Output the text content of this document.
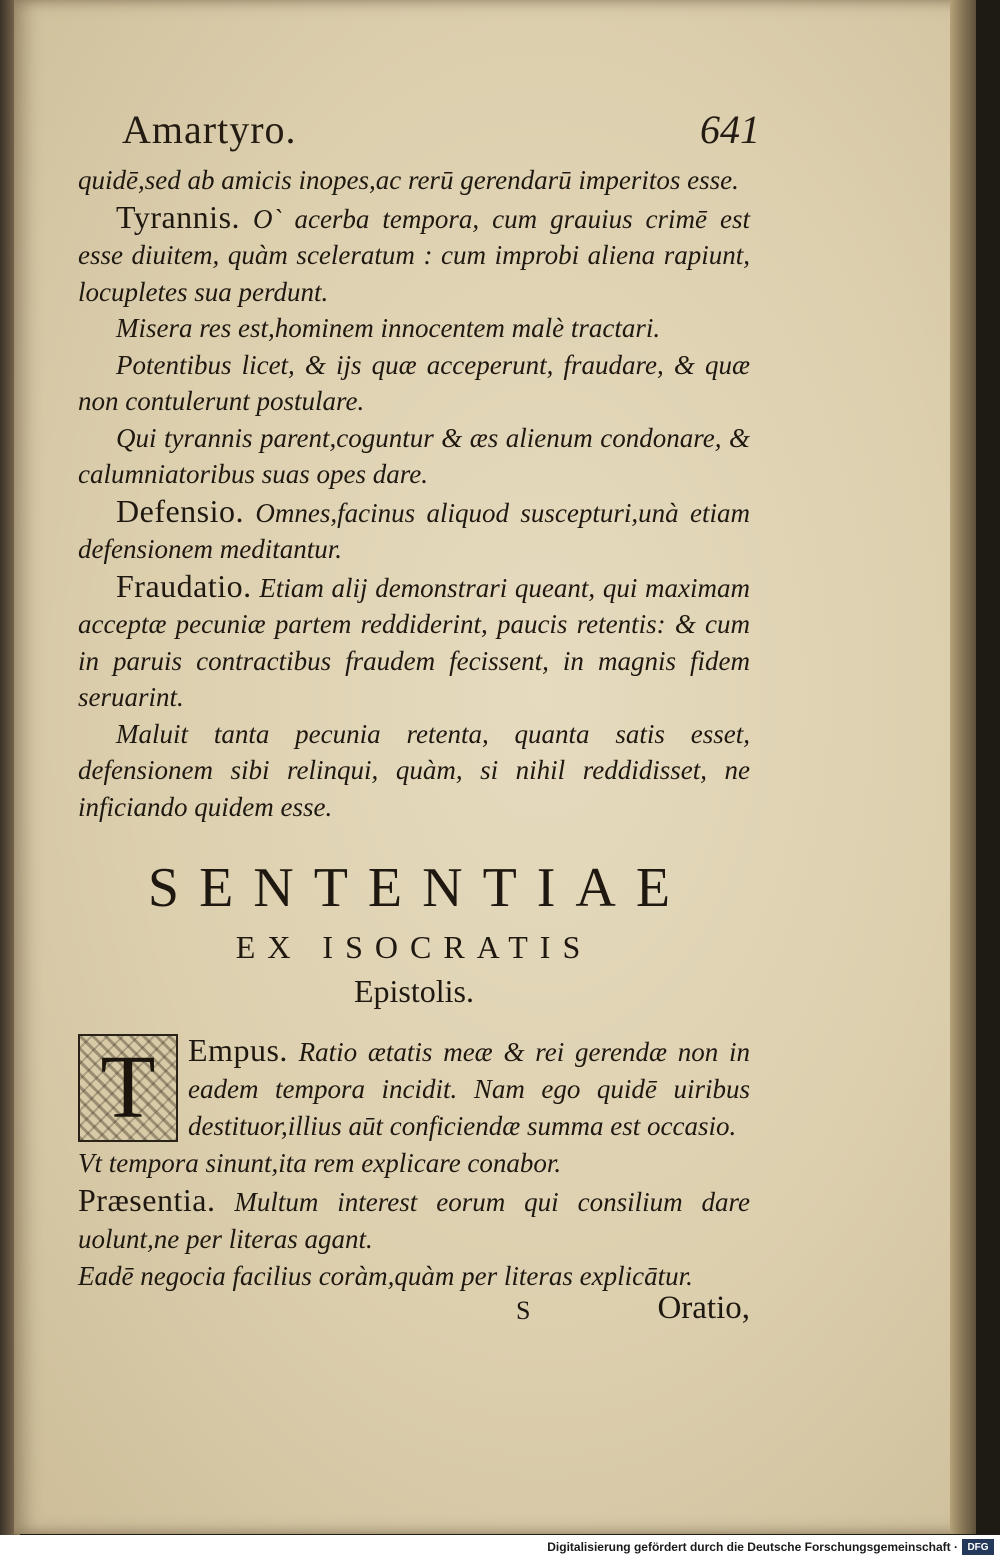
Amartyro.	641

quidē,sed ab amicis inopes,ac rerū gerendarū imperitos esse.

Tyrannis. O` acerba tempora, cum grauius crimē est esse diuitem, quàm sceleratum : cum improbi aliena rapiunt, locupletes sua perdunt.

Misera res est,hominem innocentem malè tractari.

Potentibus licet, & ijs quæ acceperunt, fraudare, & quæ non contulerunt postulare.

Qui tyrannis parent,coguntur & æs alienum condonare, & calumniatoribus suas opes dare.

Defensio. Omnes,facinus aliquod suscepturi,unà etiam defensionem meditantur.

Fraudatio. Etiam alij demonstrari queant, qui maximam acceptæ pecuniæ partem reddiderint, paucis retentis: & cum in paruis contractibus fraudem fecissent, in magnis fidem seruarint.

Maluit tanta pecunia retenta, quanta satis esset, defensionem sibi relinqui, quàm, si nihil reddidisset, ne inficiando quidem esse.

SENTENTIAE
EX ISOCRATIS
Epistolis.

T	Empus. Ratio ætatis meæ & rei gerendæ non in eadem tempora incidit. Nam ego quidē uiribus destituor,illius aūt conficiendæ summa est occasio.

Vt tempora sinunt,ita rem explicare conabor.

Præsentia. Multum interest eorum qui consilium dare uolunt,ne per literas agant.

Eadē negocia facilius coràm,quàm per literas explicātur.

S	Oratio,
Digitalisierung gefördert durch die Deutsche Forschungsgemeinschaft · DFG
